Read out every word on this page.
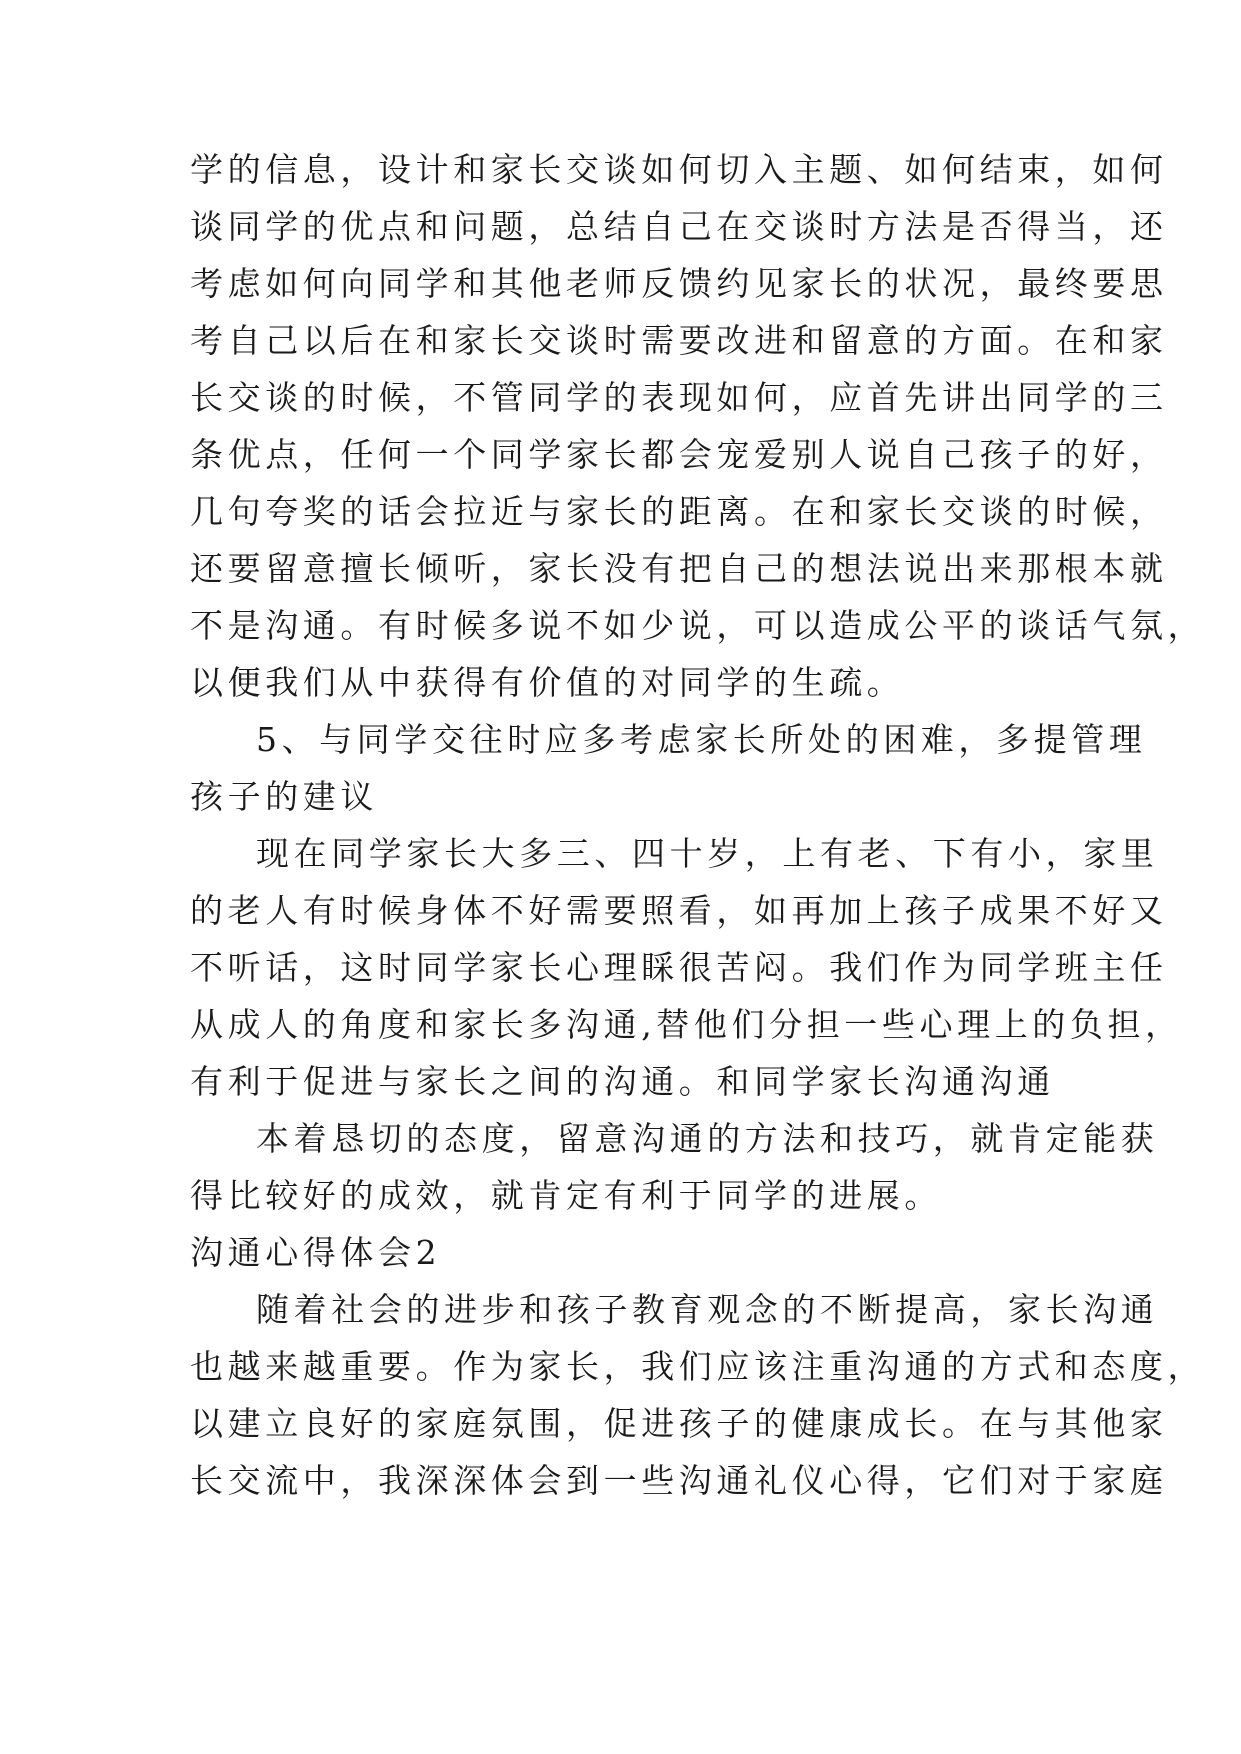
学的信息，设计和家长交谈如何切入主题、如何结束，如何
谈同学的优点和问题，总结自己在交谈时方法是否得当，还
考虑如何向同学和其他老师反馈约见家长的状况，最终要思
考自己以后在和家长交谈时需要改进和留意的方面。在和家
长交谈的时候，不管同学的表现如何，应首先讲出同学的三
条优点，任何一个同学家长都会宠爱别人说自己孩子的好，
几句夸奖的话会拉近与家长的距离。在和家长交谈的时候，
还要留意擅长倾听，家长没有把自己的想法说出来那根本就
不是沟通。有时候多说不如少说，可以造成公平的谈话气氛，
以便我们从中获得有价值的对同学的生疏。
5、与同学交往时应多考虑家长所处的困难，多提管理
孩子的建议
现在同学家长大多三、四十岁，上有老、下有小，家里
的老人有时候身体不好需要照看，如再加上孩子成果不好又
不听话，这时同学家长心理睬很苦闷。我们作为同学班主任
从成人的角度和家长多沟通,替他们分担一些心理上的负担，
有利于促进与家长之间的沟通。和同学家长沟通沟通
本着恳切的态度，留意沟通的方法和技巧，就肯定能获
得比较好的成效，就肯定有利于同学的进展。
沟通心得体会2
随着社会的进步和孩子教育观念的不断提高，家长沟通
也越来越重要。作为家长，我们应该注重沟通的方式和态度，
以建立良好的家庭氛围，促进孩子的健康成长。在与其他家
长交流中，我深深体会到一些沟通礼仪心得，它们对于家庭
